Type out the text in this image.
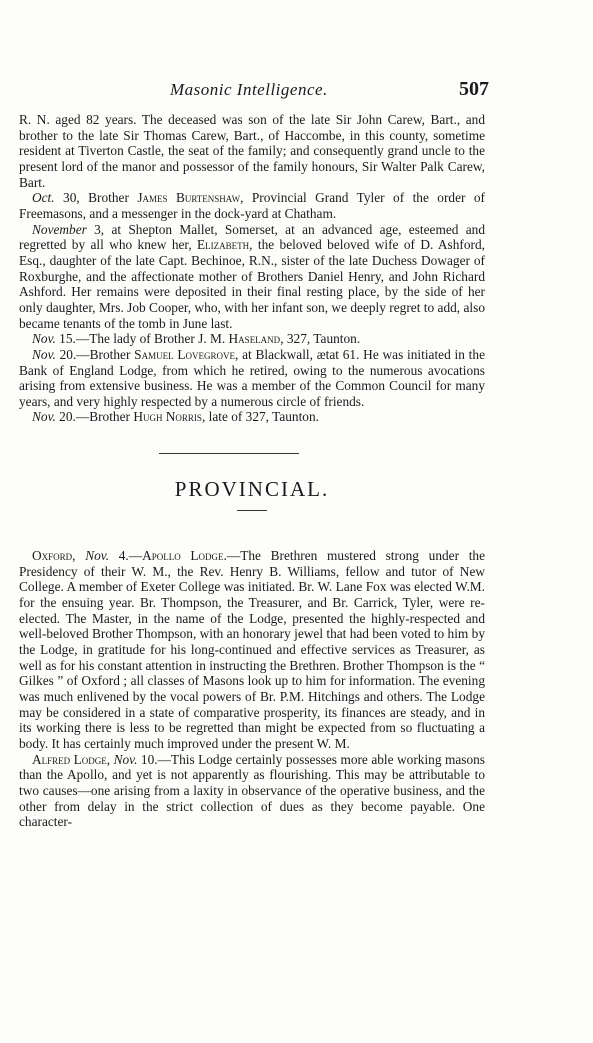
Masonic Intelligence.	507

R. N. aged 82 years. The deceased was son of the late Sir John Carew, Bart., and brother to the late Sir Thomas Carew, Bart., of Haccombe, in this county, sometime resident at Tiverton Castle, the seat of the family; and consequently grand uncle to the present lord of the manor and possessor of the family honours, Sir Walter Palk Carew, Bart.

Oct. 30, Brother James Burtenshaw, Provincial Grand Tyler of the order of Freemasons, and a messenger in the dock-yard at Chatham.

November 3, at Shepton Mallet, Somerset, at an advanced age, esteemed and regretted by all who knew her, Elizabeth, the beloved beloved wife of D. Ashford, Esq., daughter of the late Capt. Bechinoe, R.N., sister of the late Duchess Dowager of Roxburghe, and the affectionate mother of Brothers Daniel Henry, and John Richard Ashford. Her remains were deposited in their final resting place, by the side of her only daughter, Mrs. Job Cooper, who, with her infant son, we deeply regret to add, also became tenants of the tomb in June last.

Nov. 15.—The lady of Brother J. M. Haseland, 327, Taunton.

Nov. 20.—Brother Samuel Lovegrove, at Blackwall, ætat 61. He was initiated in the Bank of England Lodge, from which he retired, owing to the numerous avocations arising from extensive business. He was a member of the Common Council for many years, and very highly respected by a numerous circle of friends.

Nov. 20.—Brother Hugh Norris, late of 327, Taunton.

PROVINCIAL.

Oxford, Nov. 4.—Apollo Lodge.—The Brethren mustered strong under the Presidency of their W. M., the Rev. Henry B. Williams, fellow and tutor of New College. A member of Exeter College was initiated. Br. W. Lane Fox was elected W.M. for the ensuing year. Br. Thompson, the Treasurer, and Br. Carrick, Tyler, were re-elected. The Master, in the name of the Lodge, presented the highly-respected and well-beloved Brother Thompson, with an honorary jewel that had been voted to him by the Lodge, in gratitude for his long-continued and effective services as Treasurer, as well as for his constant attention in instructing the Brethren. Brother Thompson is the “ Gilkes ” of Oxford ; all classes of Masons look up to him for information. The evening was much enlivened by the vocal powers of Br. P.M. Hitchings and others. The Lodge may be considered in a state of comparative prosperity, its finances are steady, and in its working there is less to be regretted than might be expected from so fluctuating a body. It has certainly much improved under the present W. M.

Alfred Lodge, Nov. 10.—This Lodge certainly possesses more able working masons than the Apollo, and yet is not apparently as flourishing. This may be attributable to two causes—one arising from a laxity in observance of the operative business, and the other from delay in the strict collection of dues as they become payable. One character-
